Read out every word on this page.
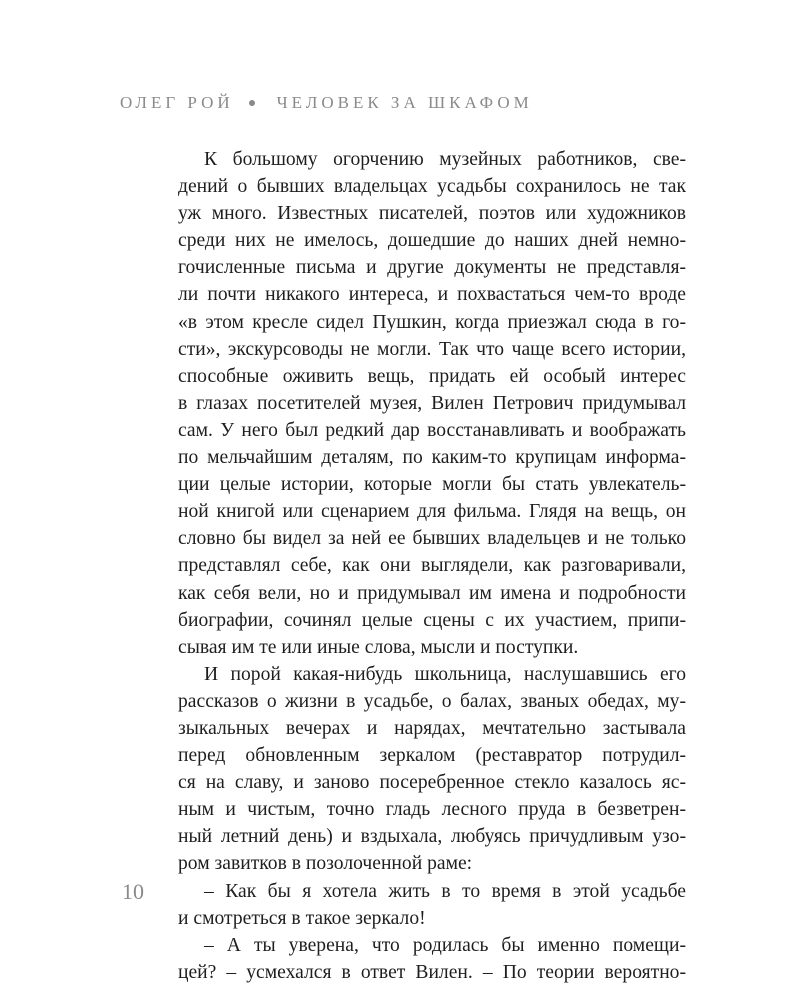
ОЛЕГ РОЙ ● ЧЕЛОВЕК ЗА ШКАФОМ
К большому огорчению музейных работников, све-
дений о бывших владельцах усадьбы сохранилось не так
уж много. Известных писателей, поэтов или художников
среди них не имелось, дошедшие до наших дней немно-
гочисленные письма и другие документы не представля-
ли почти никакого интереса, и похвастаться чем-то вроде
«в этом кресле сидел Пушкин, когда приезжал сюда в го-
сти», экскурсоводы не могли. Так что чаще всего истории,
способные оживить вещь, придать ей особый интерес
в глазах посетителей музея, Вилен Петрович придумывал
сам. У него был редкий дар восстанавливать и воображать
по мельчайшим деталям, по каким-то крупицам информа-
ции целые истории, которые могли бы стать увлекатель-
ной книгой или сценарием для фильма. Глядя на вещь, он
словно бы видел за ней ее бывших владельцев и не только
представлял себе, как они выглядели, как разговаривали,
как себя вели, но и придумывал им имена и подробности
биографии, сочинял целые сцены с их участием, припи-
сывая им те или иные слова, мысли и поступки.
И порой какая-нибудь школьница, наслушавшись его
рассказов о жизни в усадьбе, о балах, званых обедах, му-
зыкальных вечерах и нарядах, мечтательно застывала
перед обновленным зеркалом (реставратор потрудил-
ся на славу, и заново посеребренное стекло казалось яс-
ным и чистым, точно гладь лесного пруда в безветрен-
ный летний день) и вздыхала, любуясь причудливым узо-
ром завитков в позолоченной раме:
– Как бы я хотела жить в то время в этой усадьбе
и смотреться в такое зеркало!
– А ты уверена, что родилась бы именно помещи-
цей? – усмехался в ответ Вилен. – По теории вероятно-
10
